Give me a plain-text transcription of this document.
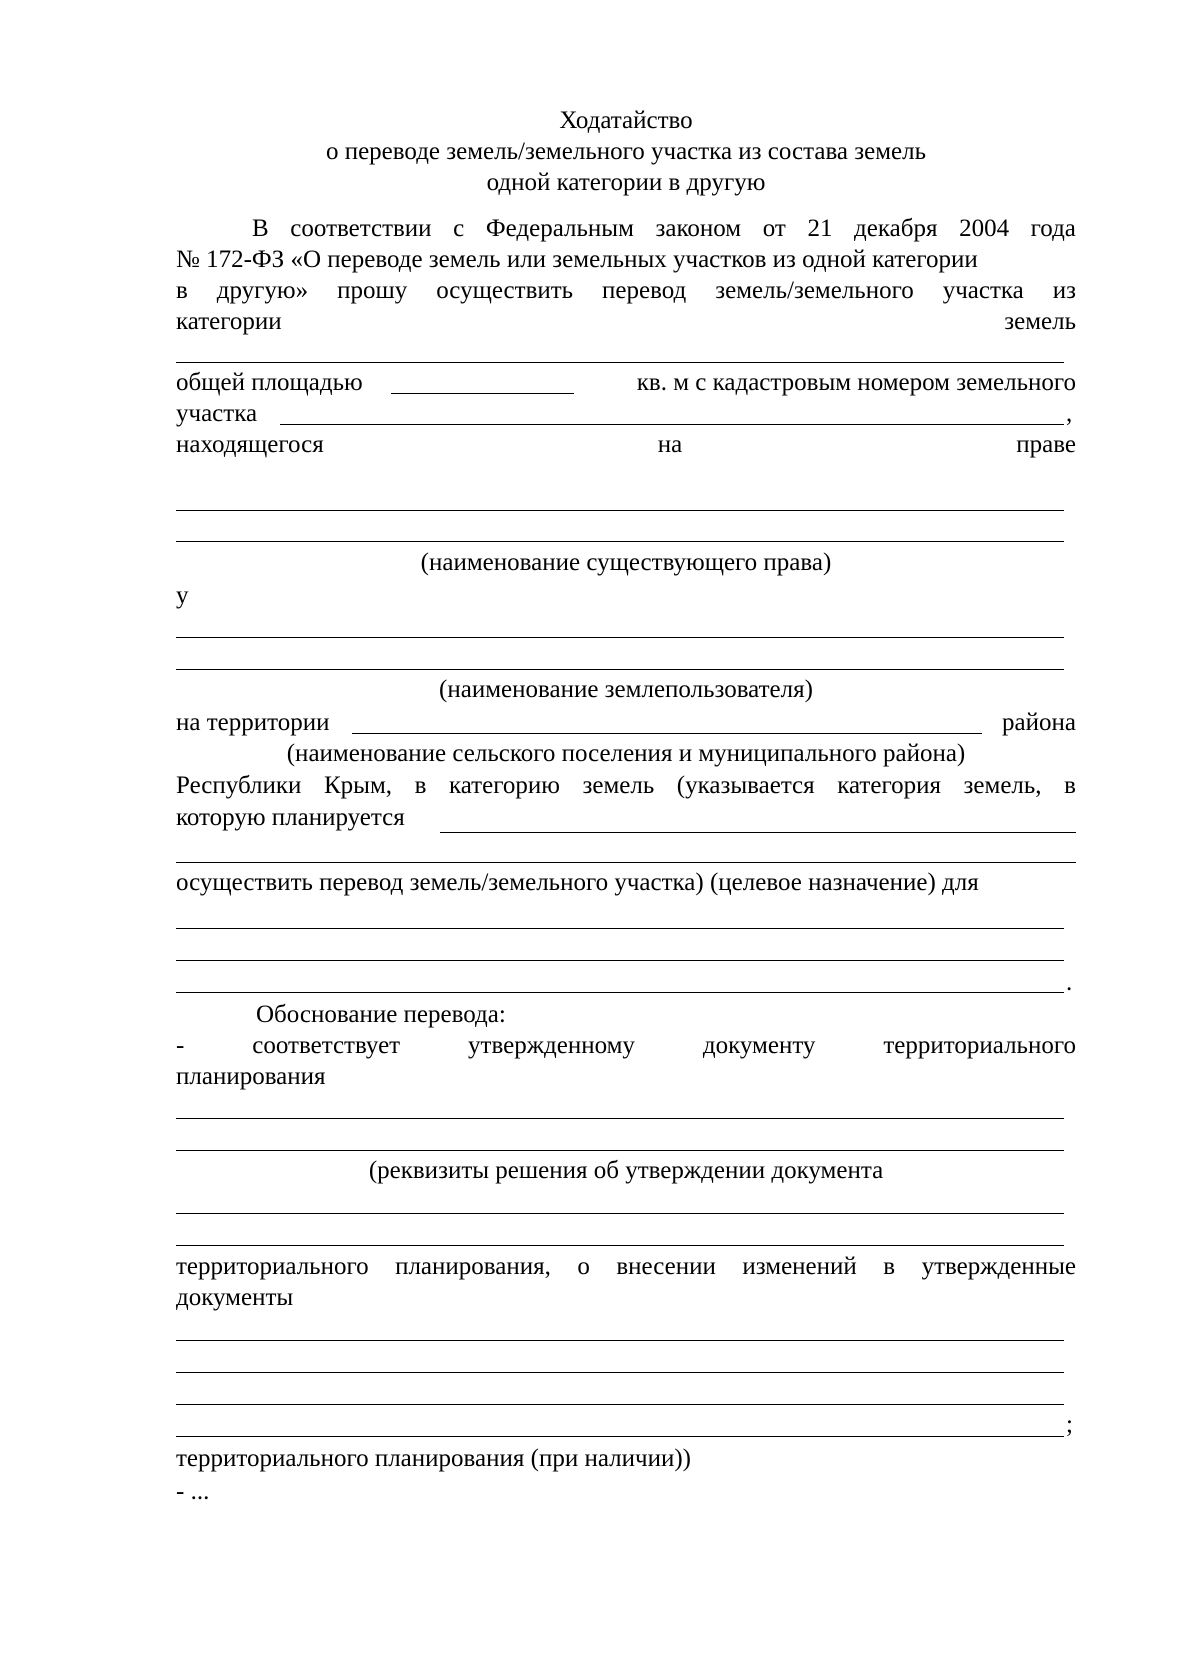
Ходатайство
о переводе земель/земельного участка из состава земель
одной категории в другую
В соответствии с Федеральным законом от 21 декабря 2004 года
№ 172-ФЗ «О переводе земель или земельных участков из одной категории
в другую» прошу осуществить перевод земель/земельного участка из
категории	земель
общей площадью	кв. м с кадастровым номером земельного
участка	,
находящегося	на	праве
(наименование существующего права)
у
(наименование землепользователя)
на территории	района
(наименование сельского поселения и муниципального района)
Республики Крым, в категорию земель (указывается категория земель, в
которую планируется
осуществить перевод земель/земельного участка) (целевое назначение) для
.
Обоснование перевода:
-	соответствует	утвержденному	документу	территориального
планирования
(реквизиты решения об утверждении документа
территориального планирования, о внесении изменений в утвержденные
документы
;
территориального планирования (при наличии))
- ...
